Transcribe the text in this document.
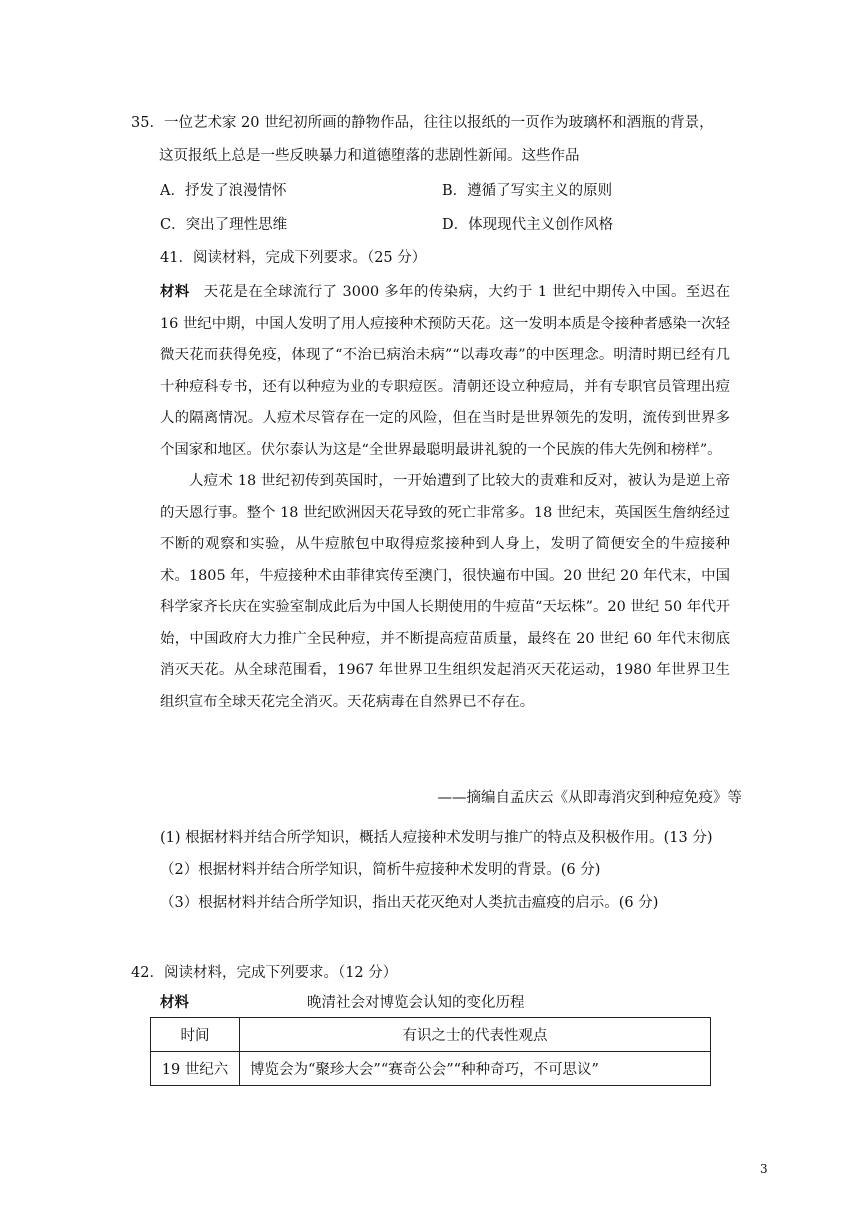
35．一位艺术家 20 世纪初所画的静物作品，往往以报纸的一页作为玻璃杯和酒瓶的背景，
这页报纸上总是一些反映暴力和道德堕落的悲剧性新闻。这些作品
A．抒发了浪漫情怀	B．遵循了写实主义的原则
C．突出了理性思维	D．体现现代主义创作风格
41．阅读材料，完成下列要求。（25 分）

材料 天花是在全球流行了 3000 多年的传染病，大约于 1 世纪中期传入中国。至迟在 16 世纪中期，中国人发明了用人痘接种术预防天花。这一发明本质是令接种者感染一次轻微天花而获得免疫，体现了“不治已病治未病”“以毒攻毒”的中医理念。明清时期已经有几十种痘科专书，还有以种痘为业的专职痘医。清朝还设立种痘局，并有专职官员管理出痘人的隔离情况。人痘术尽管存在一定的风险，但在当时是世界领先的发明，流传到世界多个国家和地区。伏尔泰认为这是“全世界最聪明最讲礼貌的一个民族的伟大先例和榜样”。

人痘术 18 世纪初传到英国时，一开始遭到了比较大的责难和反对，被认为是逆上帝的天恩行事。整个 18 世纪欧洲因天花导致的死亡非常多。18 世纪末，英国医生詹纳经过不断的观察和实验，从牛痘脓包中取得痘浆接种到人身上，发明了简便安全的牛痘接种术。1805 年，牛痘接种术由菲律宾传至澳门，很快遍布中国。20 世纪 20 年代末，中国科学家齐长庆在实验室制成此后为中国人长期使用的牛痘苗“天坛株”。20 世纪 50 年代开始，中国政府大力推广全民种痘，并不断提高痘苗质量，最终在 20 世纪 60 年代末彻底消灭天花。从全球范围看，1967 年世界卫生组织发起消灭天花运动，1980 年世界卫生组织宣布全球天花完全消灭。天花病毒在自然界已不存在。

——摘编自孟庆云《从即毒消灾到种痘免疫》等
(1) 根据材料并结合所学知识，概括人痘接种术发明与推广的特点及积极作用。(13 分)
（2）根据材料并结合所学知识，简析牛痘接种术发明的背景。(6 分)
（3）根据材料并结合所学知识，指出天花灭绝对人类抗击瘟疫的启示。(6 分)
42．阅读材料，完成下列要求。（12 分）
材料	晚清社会对博览会认知的变化历程
时间	有识之士的代表性观点
19 世纪六	博览会为“聚珍大会”“赛奇公会”“种种奇巧，不可思议”
3
